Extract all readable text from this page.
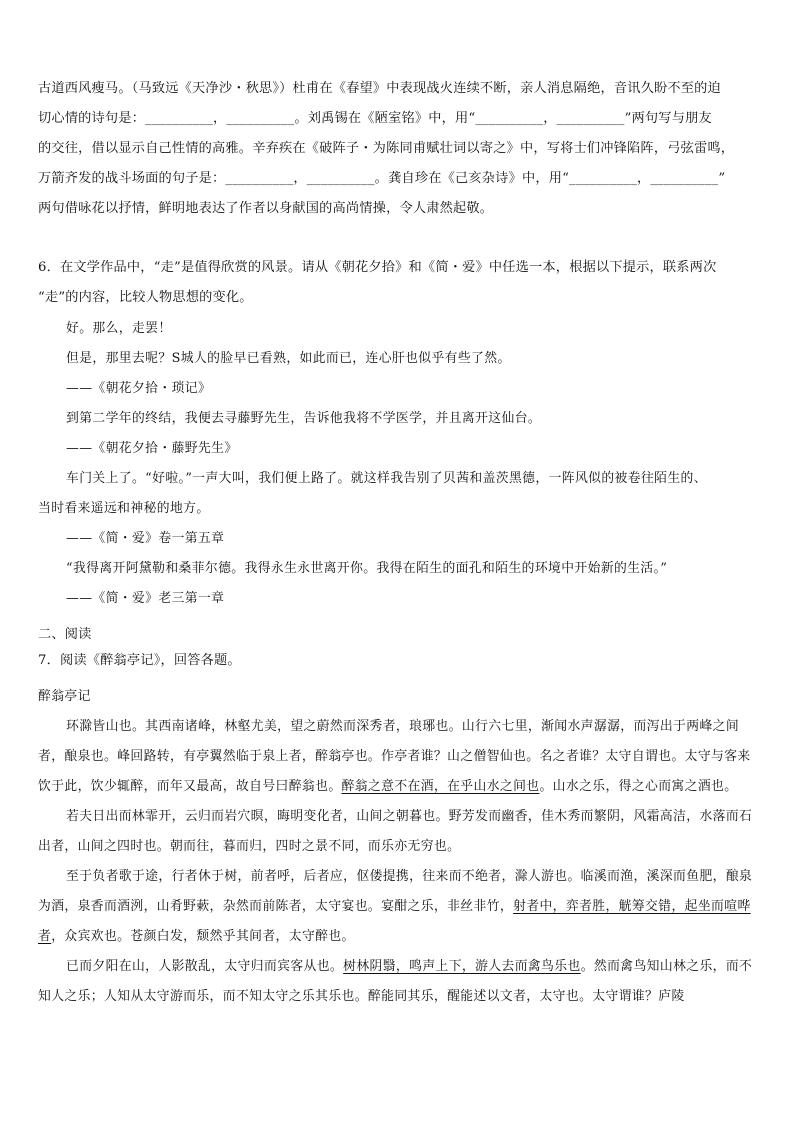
古道西风瘦马。（马致远《天净沙・秋思》）杜甫在《春望》中表现战火连续不断，亲人消息隔绝，音讯久盼不至的迫
切心情的诗句是：__________，__________。刘禹锡在《陋室铭》中，用“__________，__________”两句写与朋友
的交往，借以显示自己性情的高雅。辛弃疾在《破阵子・为陈同甫赋壮词以寄之》中，写将士们冲锋陷阵，弓弦雷鸣，
万箭齐发的战斗场面的句子是：__________，__________。龚自珍在《己亥杂诗》中，用“__________，__________”
两句借咏花以抒情，鲜明地表达了作者以身献国的高尚情操，令人肃然起敬。
6．在文学作品中，“走”是值得欣赏的风景。请从《朝花夕拾》和《简・爱》中任选一本，根据以下提示，联系两次
“走”的内容，比较人物思想的变化。
好。那么，走罢！
但是，那里去呢？S城人的脸早已看熟，如此而已，连心肝也似乎有些了然。
——《朝花夕拾・琐记》
到第二学年的终结，我便去寻藤野先生，告诉他我将不学医学，并且离开这仙台。
——《朝花夕拾・藤野先生》
车门关上了。“好啦。”一声大叫，我们便上路了。就这样我告别了贝茜和盖茨黑德，一阵风似的被卷往陌生的、
当时看来遥远和神秘的地方。
——《简・爱》卷一第五章
“我得离开阿黛勒和桑菲尔德。我得永生永世离开你。我得在陌生的面孔和陌生的环境中开始新的生活。”
——《简・爱》老三第一章
二、阅读
7．阅读《醉翁亭记》，回答各题。
醉翁亭记
环滁皆山也。其西南诸峰，林壑尤美，望之蔚然而深秀者，琅琊也。山行六七里，渐闻水声潺潺，而泻出于两峰之间者，酿泉也。峰回路转，有亭翼然临于泉上者，醉翁亭也。作亭者谁？山之僧智仙也。名之者谁？太守自谓也。太守与客来饮于此，饮少辄醉，而年又最高，故自号曰醉翁也。醉翁之意不在酒，在乎山水之间也。山水之乐，得之心而寓之酒也。
若夫日出而林霏开，云归而岩穴暝，晦明变化者，山间之朝暮也。野芳发而幽香，佳木秀而繁阴，风霜高洁，水落而石出者，山间之四时也。朝而往，暮而归，四时之景不同，而乐亦无穷也。
至于负者歌于途，行者休于树，前者呼，后者应，伛偻提携，往来而不绝者，滁人游也。临溪而渔，溪深而鱼肥，酿泉为酒，泉香而酒洌，山肴野蔌，杂然而前陈者，太守宴也。宴酣之乐，非丝非竹，射者中，弈者胜，觥筹交错，起坐而喧哗者，众宾欢也。苍颜白发，颓然乎其间者，太守醉也。
已而夕阳在山，人影散乱，太守归而宾客从也。树林阴翳，鸣声上下，游人去而禽鸟乐也。然而禽鸟知山林之乐，而不知人之乐；人知从太守游而乐，而不知太守之乐其乐也。醉能同其乐，醒能述以文者，太守也。太守谓谁？庐陵
